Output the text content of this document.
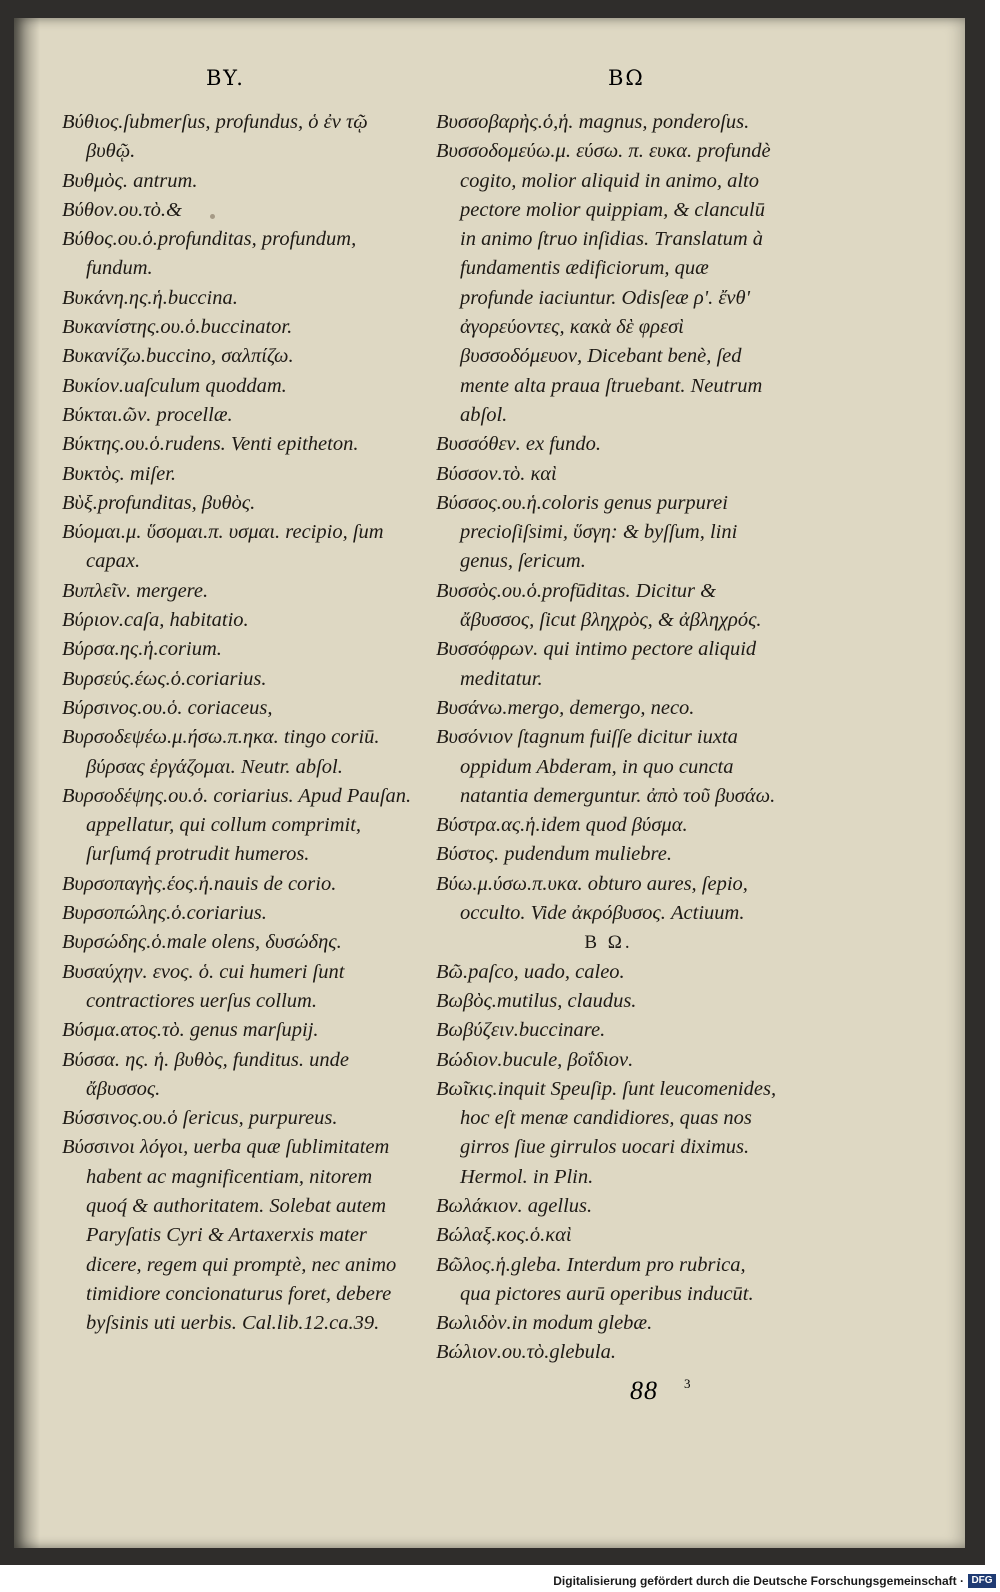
BY.	BΩ

Βύθιος.ſubmerſus, profundus, ὁ ἐν τῷ βυθῷ.

Βυθμὸς. antrum.

Βύθον.ου.τὸ.&

Βύθος.ου.ὁ.profunditas, profundum, fundum.

Βυκάνη.ης.ἡ.buccina.

Βυκανίστης.ου.ὁ.buccinator.

Βυκανίζω.buccino, σαλπίζω.

Βυκίον.uaſculum quoddam.

Βύκται.ῶν. procellæ.

Βύκτης.ου.ὁ.rudens. Venti epitheton.

Βυκτὸς. miſer.

Βὺξ.profunditas, βυθὸς.

Βύομαι.μ. ὕσομαι.π. υσμαι. recipio, ſum capax.

Βυπλεῖν. mergere.

Βύριον.caſa, habitatio.

Βύρσα.ης.ἡ.corium.

Βυρσεύς.έως.ὁ.coriarius.

Βύρσινος.ου.ὁ. coriaceus,

Βυρσοδεψέω.μ.ήσω.π.ηκα. tingo coriū. βύρσας ἐργάζομαι. Neutr. abſol.

Βυρσοδέψης.ου.ὁ. coriarius. Apud Pauſan. appellatur, qui collum comprimit, ſurſumq́ protrudit humeros.

Βυρσοπαγὴς.έος.ἡ.nauis de corio.

Βυρσοπώλης.ὁ.coriarius.

Βυρσώδης.ὁ.male olens, δυσώδης.

Βυσαύχην. ενος. ὁ. cui humeri ſunt contractiores uerſus collum.

Βύσμα.ατος.τὸ. genus marſupij.

Βύσσα. ης. ἡ. βυθὸς, funditus. unde ἄβυσσος.

Βύσσινος.ου.ὁ ſericus, purpureus.

Βύσσινοι λόγοι, uerba quæ ſublimitatem habent ac magnificentiam, nitorem quoq́ & authoritatem. Solebat autem Paryſatis Cyri & Artaxerxis mater dicere, regem qui promptè, nec animo timidiore concionaturus foret, debere byſsinis uti uerbis. Cal.lib.12.ca.39.

Βυσσοβαρὴς.ὁ,ἡ. magnus, ponderoſus.

Βυσσοδομεύω.μ. εύσω. π. ευκα. profundè cogito, molior aliquid in animo, alto pectore molior quippiam, & clanculū in animo ſtruo inſidias. Translatum à fundamentis ædificiorum, quæ profunde iaciuntur. Odisſeæ ρ'. ἔνθ' ἀγορεύοντες, κακὰ δὲ φρεσὶ βυσσοδόμευον, Dicebant benè, ſed mente alta praua ſtruebant. Neutrum abſol.

Βυσσόθεν. ex fundo.

Βύσσον.τὸ. καὶ

Βύσσος.ου.ἡ.coloris genus purpurei precioſiſsimi, ὕσγη: & byſſum, lini genus, ſericum.

Βυσσὸς.ου.ὁ.profūditas. Dicitur & ἄβυσσος, ſicut βληχρὸς, & ἀβληχρός.

Βυσσόφρων. qui intimo pectore aliquid meditatur.

Βυσάνω.mergo, demergo, neco.

Βυσόνιον ſtagnum fuiſſe dicitur iuxta oppidum Abderam, in quo cuncta natantia demerguntur. ἀπὸ τοῦ βυσάω.

Βύστρα.ας.ἡ.idem quod βύσμα.

Βύστος. pudendum muliebre.

Βύω.μ.ύσω.π.υκα. obturo aures, ſepio, occulto. Vide ἀκρόβυσος. Actiuum.

B Ω.

Βῶ.paſco, uado, caleo.

Βωβὸς.mutilus, claudus.

Βωβύζειν.buccinare.

Βώδιον.bucule, βοΐδιον.

Βωῖκις.inquit Speuſip. ſunt leucomenides, hoc eſt menæ candidiores, quas nos girros ſiue girrulos uocari diximus. Hermol. in Plin.

Βωλάκιον. agellus.

Βώλαξ.κος.ὁ.καὶ

Βῶλος.ἡ.gleba. Interdum pro rubrica, qua pictores aurū operibus inducūt.

Βωλιδὸν.in modum glebæ.

Βώλιον.ου.τὸ.glebula.

88 3
Digitalisierung gefördert durch die Deutsche Forschungsgemeinschaft · DFG
